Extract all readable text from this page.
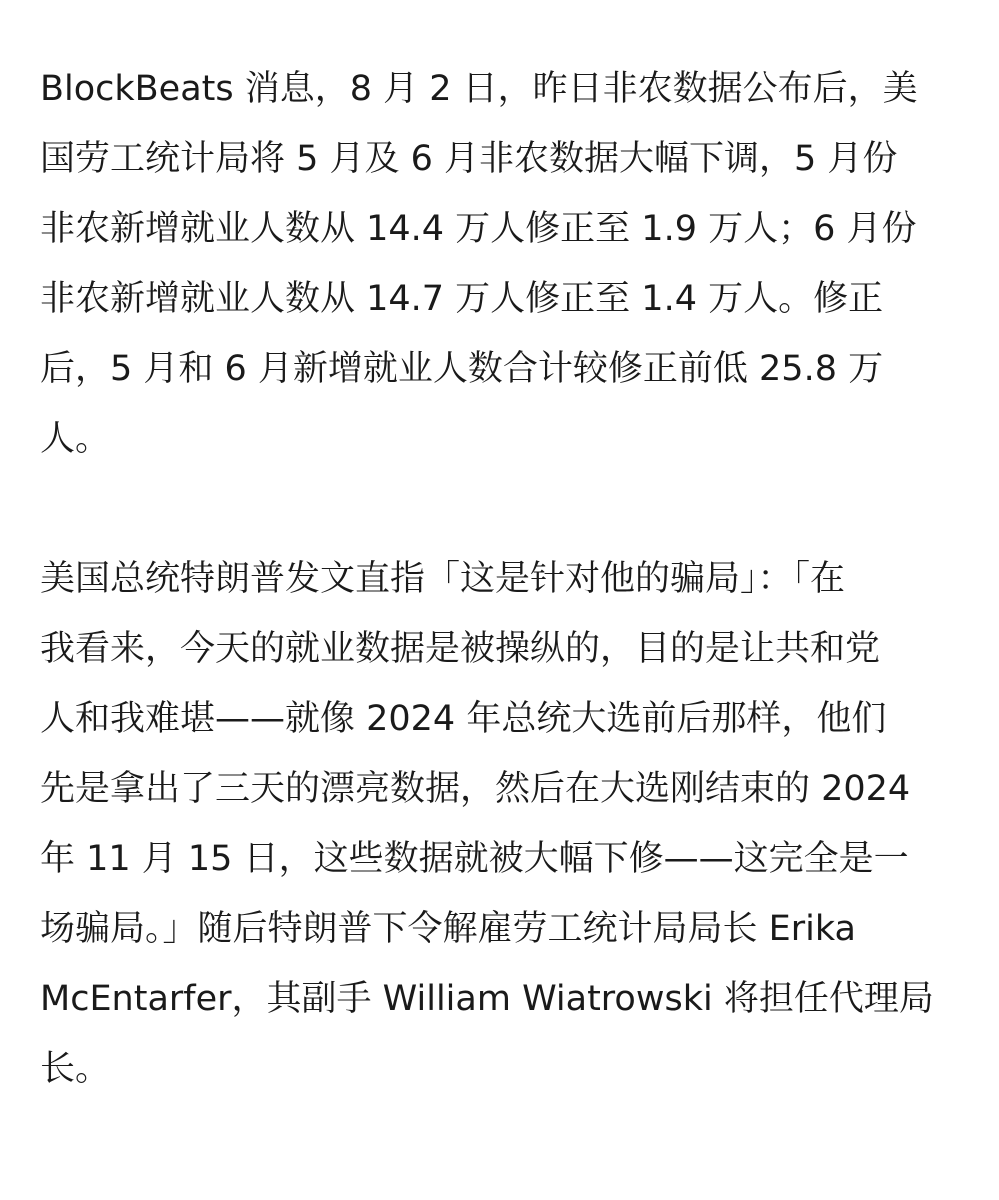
BlockBeats 消息，8 月 2 日，昨日非农数据公布后，美
国劳工统计局将 5 月及 6 月非农数据大幅下调，5 月份
非农新增就业人数从 14.4 万人修正至 1.9 万人；6 月份
非农新增就业人数从 14.7 万人修正至 1.4 万人。修正
后，5 月和 6 月新增就业人数合计较修正前低 25.8 万
人。

美国总统特朗普发文直指「这是针对他的骗局」：「在
我看来，今天的就业数据是被操纵的，目的是让共和党
人和我难堪——就像 2024 年总统大选前后那样，他们
先是拿出了三天的漂亮数据，然后在大选刚结束的 2024
年 11 月 15 日，这些数据就被大幅下修——这完全是一
场骗局。」随后特朗普下令解雇劳工统计局局长 Erika
McEntarfer，其副手 William Wiatrowski 将担任代理局
长。
